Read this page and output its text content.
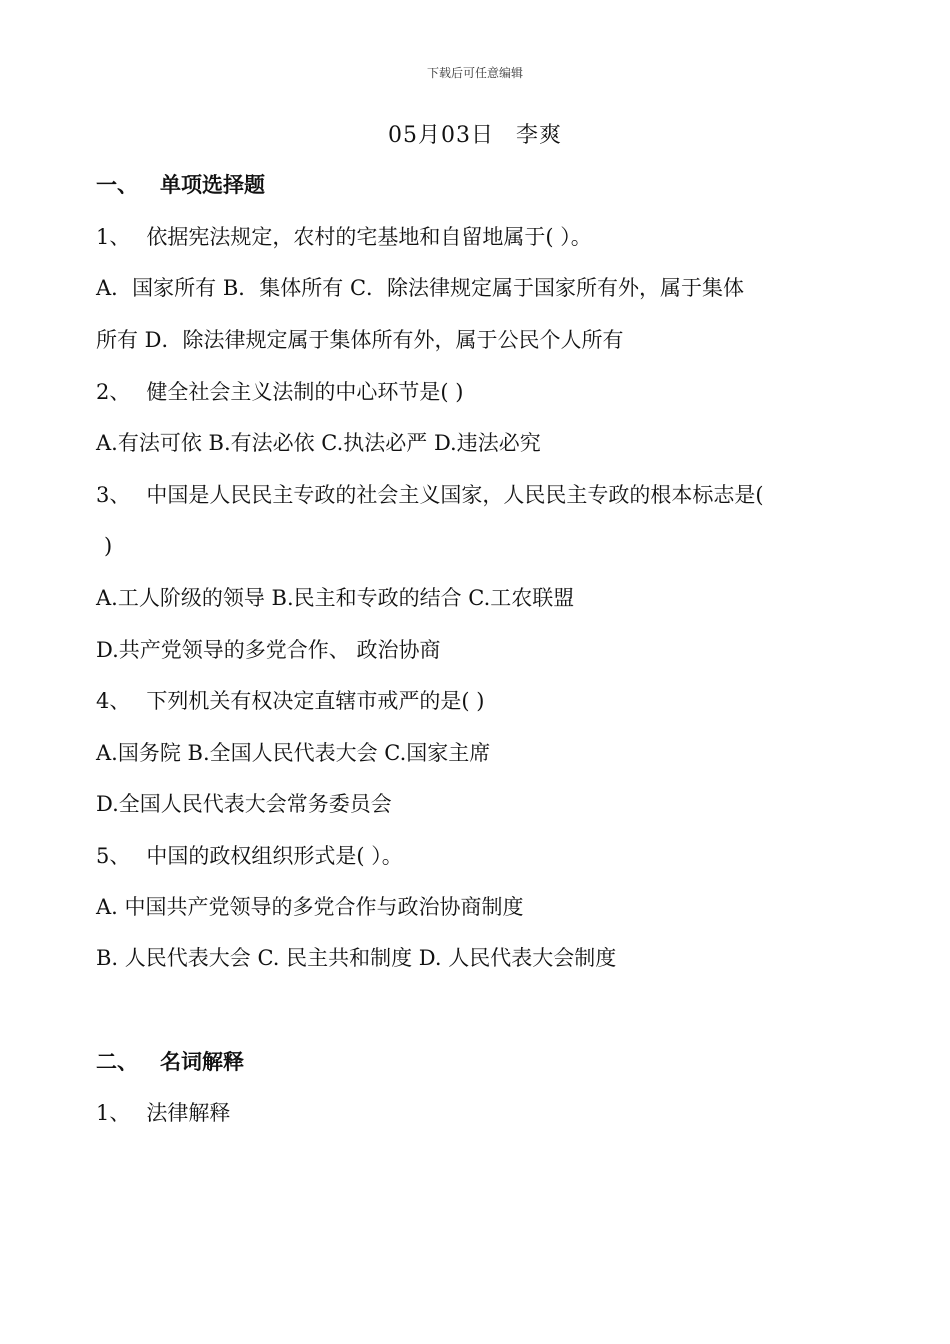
下载后可任意编辑
05月03日 李爽
一、 单项选择题
1、 依据宪法规定，农村的宅基地和自留地属于( ）。
A．国家所有 B．集体所有 C．除法律规定属于国家所有外，属于集体
所有 D．除法律规定属于集体所有外，属于公民个人所有
2、 健全社会主义法制的中心环节是( )
A.有法可依 B.有法必依 C.执法必严 D.违法必究
3、 中国是人民民主专政的社会主义国家，人民民主专政的根本标志是(
)
A.工人阶级的领导 B.民主和专政的结合 C.工农联盟
D.共产党领导的多党合作、 政治协商
4、 下列机关有权决定直辖市戒严的是( )
A.国务院 B.全国人民代表大会 C.国家主席
D.全国人民代表大会常务委员会
5、 中国的政权组织形式是( ）。
A. 中国共产党领导的多党合作与政治协商制度
B. 人民代表大会 C. 民主共和制度 D. 人民代表大会制度
二、 名词解释
1、 法律解释
